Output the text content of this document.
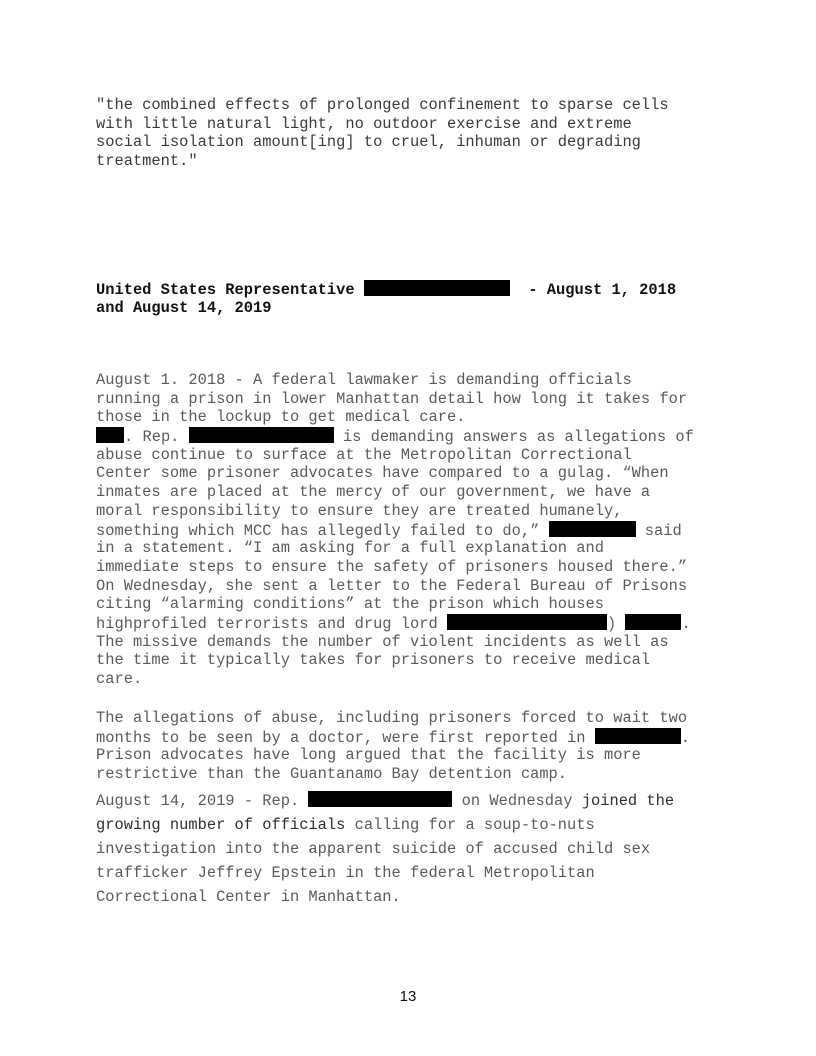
"the combined effects of prolonged confinement to sparse cells
with little natural light, no outdoor exercise and extreme
social isolation amount[ing] to cruel, inhuman or degrading
treatment."
United States Representative	- August 1, 2018
and August 14, 2019
August 1. 2018 - A federal lawmaker is demanding officials
running a prison in lower Manhattan detail how long it takes for
those in the lockup to get medical care.
. Rep.	is demanding answers as allegations of
abuse continue to surface at the Metropolitan Correctional
Center some prisoner advocates have compared to a gulag. “When
inmates are placed at the mercy of our government, we have a
moral responsibility to ensure they are treated humanely,
something which MCC has allegedly failed to do,”	said
in a statement. “I am asking for a full explanation and
immediate steps to ensure the safety of prisoners housed there.”
On Wednesday, she sent a letter to the Federal Bureau of Prisons
citing “alarming conditions” at the prison which houses
highprofiled terrorists and drug lord	)	.
The missive demands the number of violent incidents as well as
the time it typically takes for prisoners to receive medical
care.
The allegations of abuse, including prisoners forced to wait two
months to be seen by a doctor, were first reported in	.
Prison advocates have long argued that the facility is more
restrictive than the Guantanamo Bay detention camp.
August 14, 2019 - Rep.	on Wednesday joined the
growing number of officials calling for a soup-to-nuts
investigation into the apparent suicide of accused child sex
trafficker Jeffrey Epstein in the federal Metropolitan
Correctional Center in Manhattan.
13
